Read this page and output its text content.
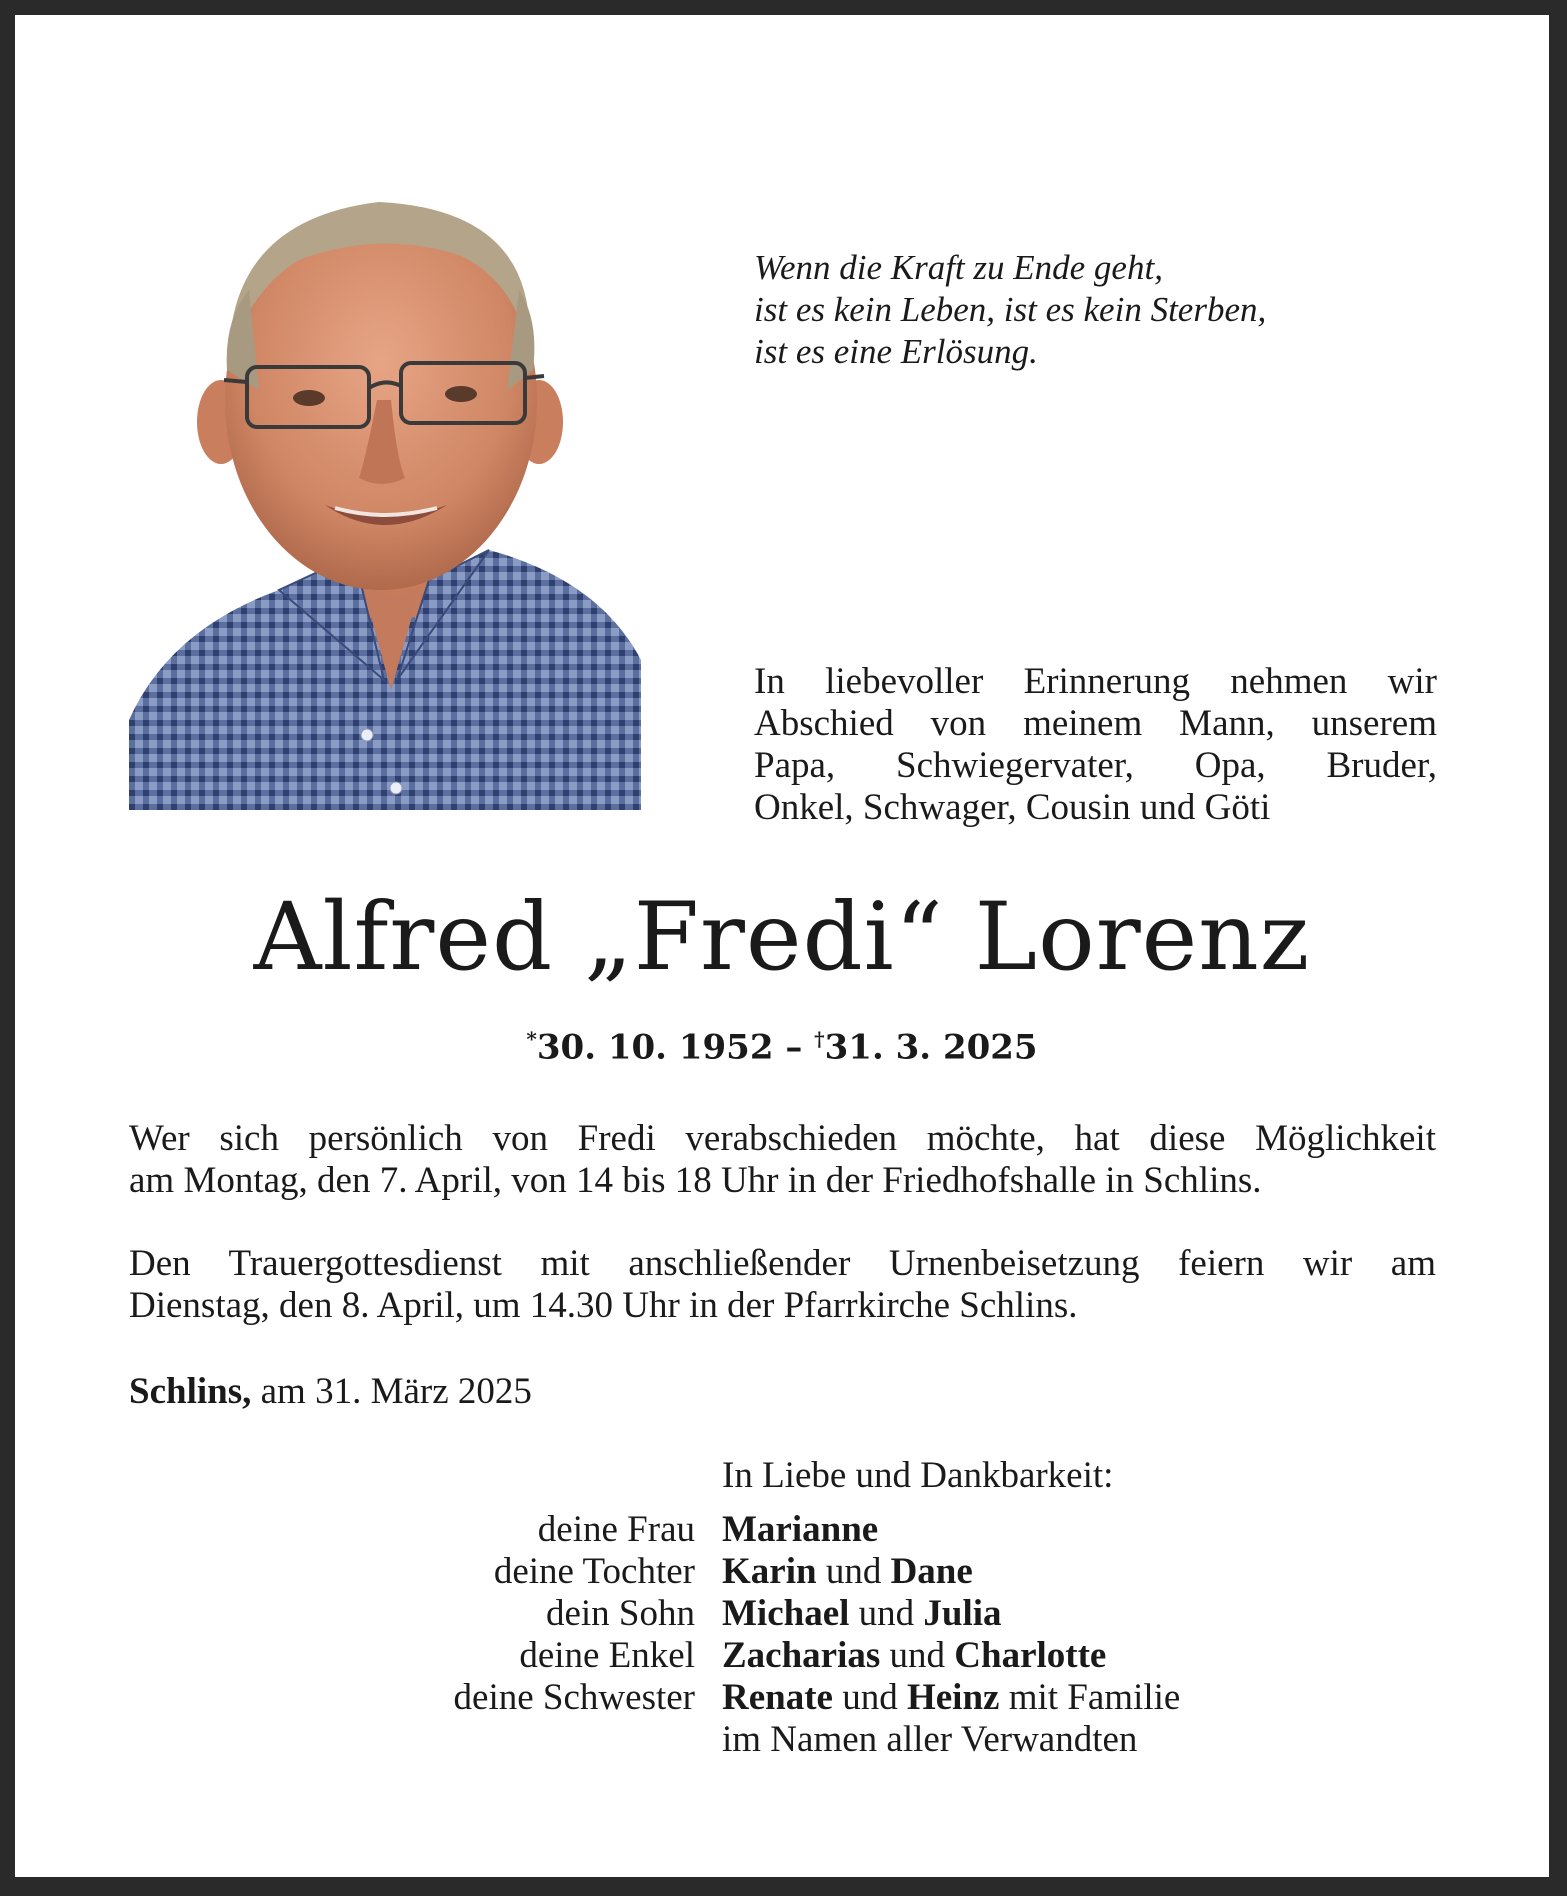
Wenn die Kraft zu Ende geht,
ist es kein Leben, ist es kein Sterben,
ist es eine Erlösung.
In liebevoller Erinnerung nehmen wir
Abschied von meinem Mann, unserem
Papa, Schwiegervater, Opa, Bruder,
Onkel, Schwager, Cousin und Göti
Alfred „Fredi“ Lorenz
*30. 10. 1952 – †31. 3. 2025
Wer sich persönlich von Fredi verabschieden möchte, hat diese Möglichkeit
am Montag, den 7. April, von 14 bis 18 Uhr in der Friedhofshalle in Schlins.
Den Trauergottesdienst mit anschließender Urnenbeisetzung feiern wir am
Dienstag, den 8. April, um 14.30 Uhr in der Pfarrkirche Schlins.
Schlins, am 31. März 2025
In Liebe und Dankbarkeit:
deine Frau Marianne
deine Tochter Karin und Dane
dein Sohn Michael und Julia
deine Enkel Zacharias und Charlotte
deine Schwester Renate und Heinz mit Familie
im Namen aller Verwandten
